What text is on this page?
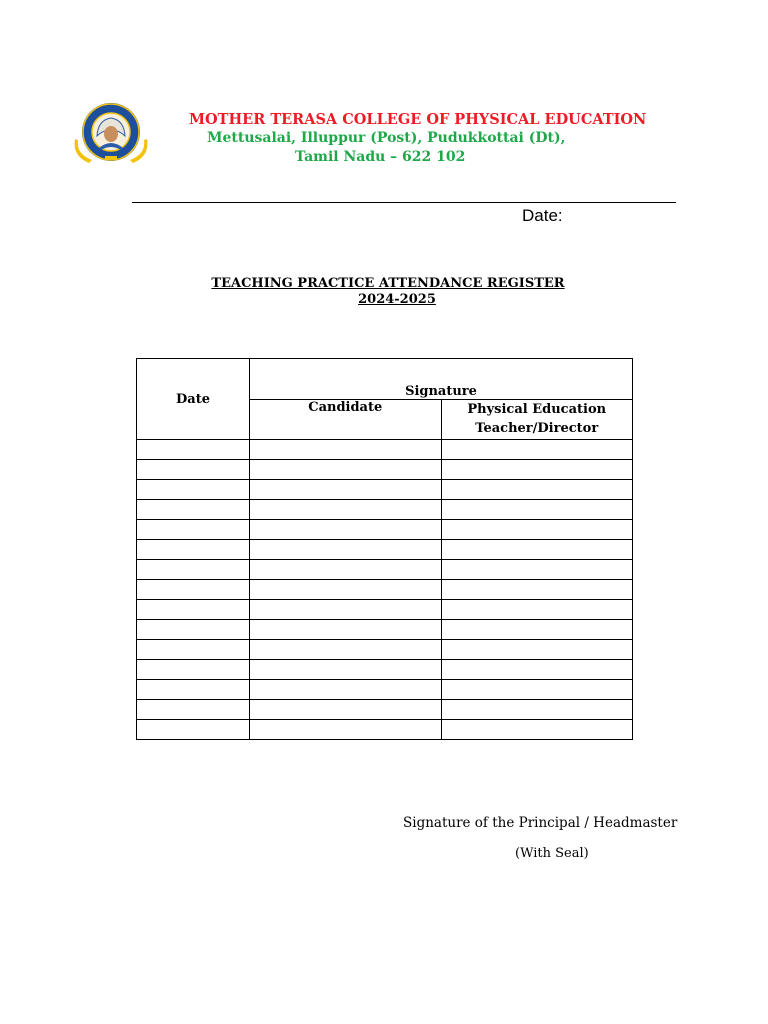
MOTHER TERASA COLLEGE OF PHYSICAL EDUCATION
Mettusalai, Illuppur (Post), Pudukkottai (Dt),
Tamil Nadu – 622 102
Date:
TEACHING PRACTICE ATTENDANCE REGISTER
2024-2025
Date	Signature	
	Candidate	Physical Education
Teacher/Director

Signature of the Principal / Headmaster
(With Seal)
